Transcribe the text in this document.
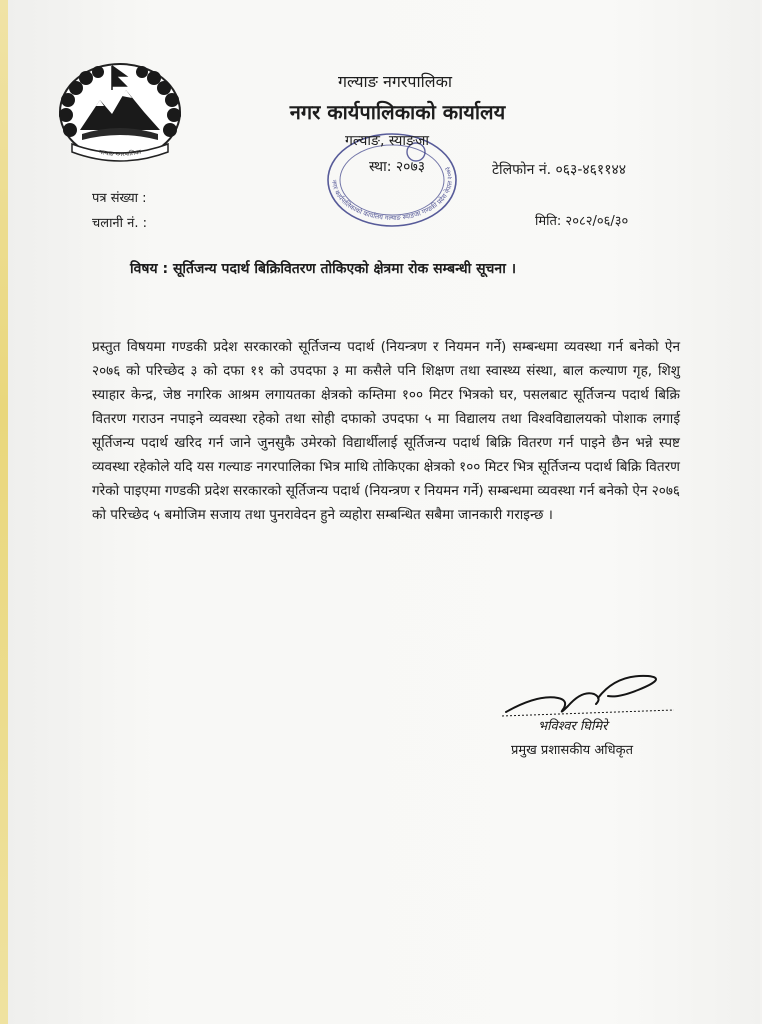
गल्याङ नगरपालिका
गल्याङ नगरपालिका
नगर कार्यपालिकाको कार्यालय
नगर कार्यपालिकाको कार्यालय गल्याङ स्याङजा गण्डकी प्रदेश नेपाल २०७३
गल्याङ, स्याङजा
स्था: २०७३	टेलिफोन नं. ०६३-४६११४४
पत्र संख्या :
चलानी नं. :	मिति: २०८२/०६/३०
विषय : सूर्तिजन्य पदार्थ बिक्रिवितरण तोकिएको क्षेत्रमा रोक सम्बन्धी सूचना ।
प्रस्तुत विषयमा गण्डकी प्रदेश सरकारको सूर्तिजन्य पदार्थ (नियन्त्रण र नियमन गर्ने) सम्बन्धमा व्यवस्था गर्न बनेको ऐन २०७६ को परिच्छेद ३ को दफा ११ को उपदफा ३ मा कसैले पनि शिक्षण तथा स्वास्थ्य संस्था, बाल कल्याण गृह, शिशु स्याहार केन्द्र, जेष्ठ नगरिक आश्रम लगायतका क्षेत्रको कम्तिमा १०० मिटर भित्रको घर, पसलबाट सूर्तिजन्य पदार्थ बिक्रि वितरण गराउन नपाइने व्यवस्था रहेको तथा सोही दफाको उपदफा ५ मा विद्यालय तथा विश्वविद्यालयको पोशाक लगाई सूर्तिजन्य पदार्थ खरिद गर्न जाने जुनसुकै उमेरको विद्यार्थीलाई सूर्तिजन्य पदार्थ बिक्रि वितरण गर्न पाइने छैन भन्ने स्पष्ट व्यवस्था रहेकोले यदि यस गल्याङ नगरपालिका भित्र माथि तोकिएका क्षेत्रको १०० मिटर भित्र सूर्तिजन्य पदार्थ बिक्रि वितरण गरेको पाइएमा गण्डकी प्रदेश सरकारको सूर्तिजन्य पदार्थ (नियन्त्रण र नियमन गर्ने) सम्बन्धमा व्यवस्था गर्न बनेको ऐन २०७६ को परिच्छेद ५ बमोजिम सजाय तथा पुनरावेदन हुने व्यहोरा सम्बन्धित सबैमा जानकारी गराइन्छ ।
भविश्वर घिमिरे
प्रमुख प्रशासकीय अधिकृत
